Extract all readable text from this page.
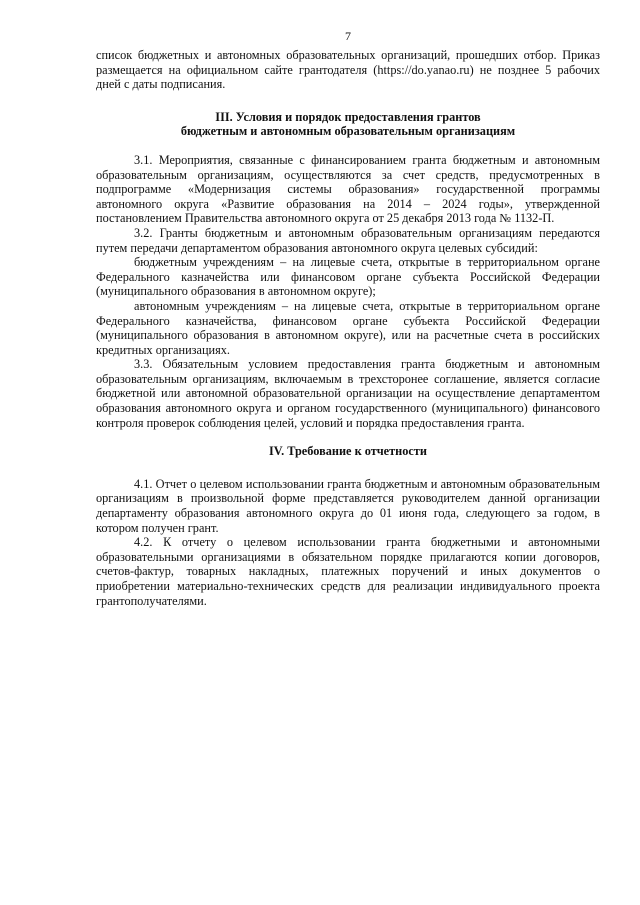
7

список бюджетных и автономных образовательных организаций, прошедших отбор. Приказ размещается на официальном сайте грантодателя (https://do.yanao.ru) не позднее 5 рабочих дней с даты подписания.

III. Условия и порядок предоставления грантов

бюджетным и автономным образовательным организациям

3.1. Мероприятия, связанные с финансированием гранта бюджетным и автономным образовательным организациям, осуществляются за счет средств, предусмотренных в подпрограмме «Модернизация системы образования» государственной программы автономного округа «Развитие образования на 2014 – 2024 годы», утвержденной постановлением Правительства автономного округа от 25 декабря 2013 года № 1132-П.

3.2. Гранты бюджетным и автономным образовательным организациям передаются путем передачи департаментом образования автономного округа целевых субсидий:

бюджетным учреждениям – на лицевые счета, открытые в территориальном органе Федерального казначейства или финансовом органе субъекта Российской Федерации (муниципального образования в автономном округе);

автономным учреждениям – на лицевые счета, открытые в территориальном органе Федерального казначейства, финансовом органе субъекта Российской Федерации (муниципального образования в автономном округе), или на расчетные счета в российских кредитных организациях.

3.3. Обязательным условием предоставления гранта бюджетным и автономным образовательным организациям, включаемым в трехсторонее соглашение, является согласие бюджетной или автономной образовательной организации на осуществление департаментом образования автономного округа и органом государственного (муниципального) финансового контроля проверок соблюдения целей, условий и порядка предоставления гранта.

IV. Требование к отчетности

4.1. Отчет о целевом использовании гранта бюджетным и автономным образовательным организациям в произвольной форме представляется руководителем данной организации департаменту образования автономного округа до 01 июня года, следующего за годом, в котором получен грант.

4.2. К отчету о целевом использовании гранта бюджетными и автономными образовательными организациями в обязательном порядке прилагаются копии договоров, счетов-фактур, товарных накладных, платежных поручений и иных документов о приобретении материально-технических средств для реализации индивидуального проекта грантополучателями.
